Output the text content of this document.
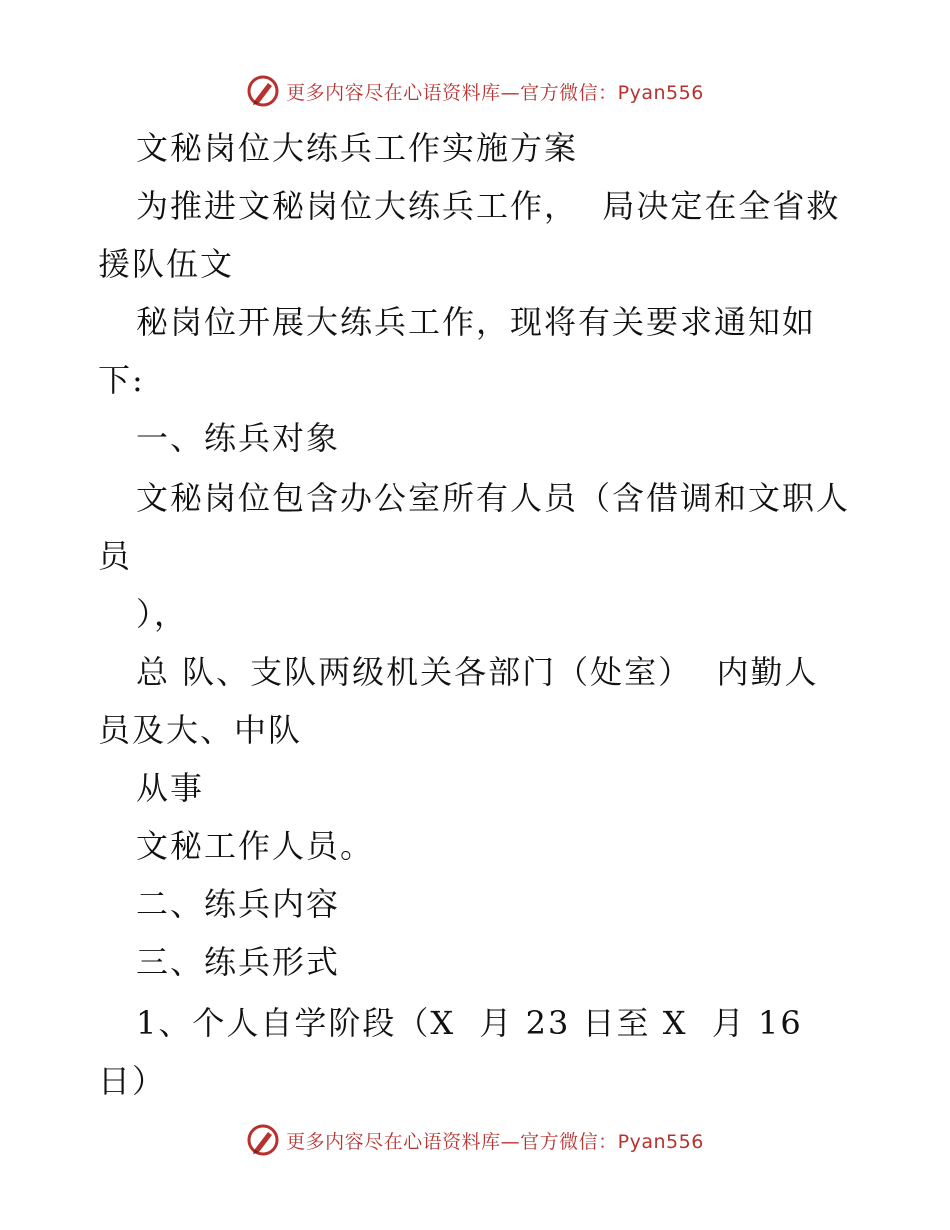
更多内容尽在心语资料库—官方微信：Pyan556

文秘岗位大练兵工作实施方案

为推进文秘岗位大练兵工作，  局决定在全省救

援队伍文

秘岗位开展大练兵工作，现将有关要求通知如

下:

一、练兵对象

文秘岗位包含办公室所有人员（含借调和文职人

员

），

总 队、支队两级机关各部门（处室）  内勤人

员及大、中队

从事

文秘工作人员。

二、练兵内容

三、练兵形式

1、个人自学阶段（X  月 23 日至 X  月 16

日）

更多内容尽在心语资料库—官方微信：Pyan556
